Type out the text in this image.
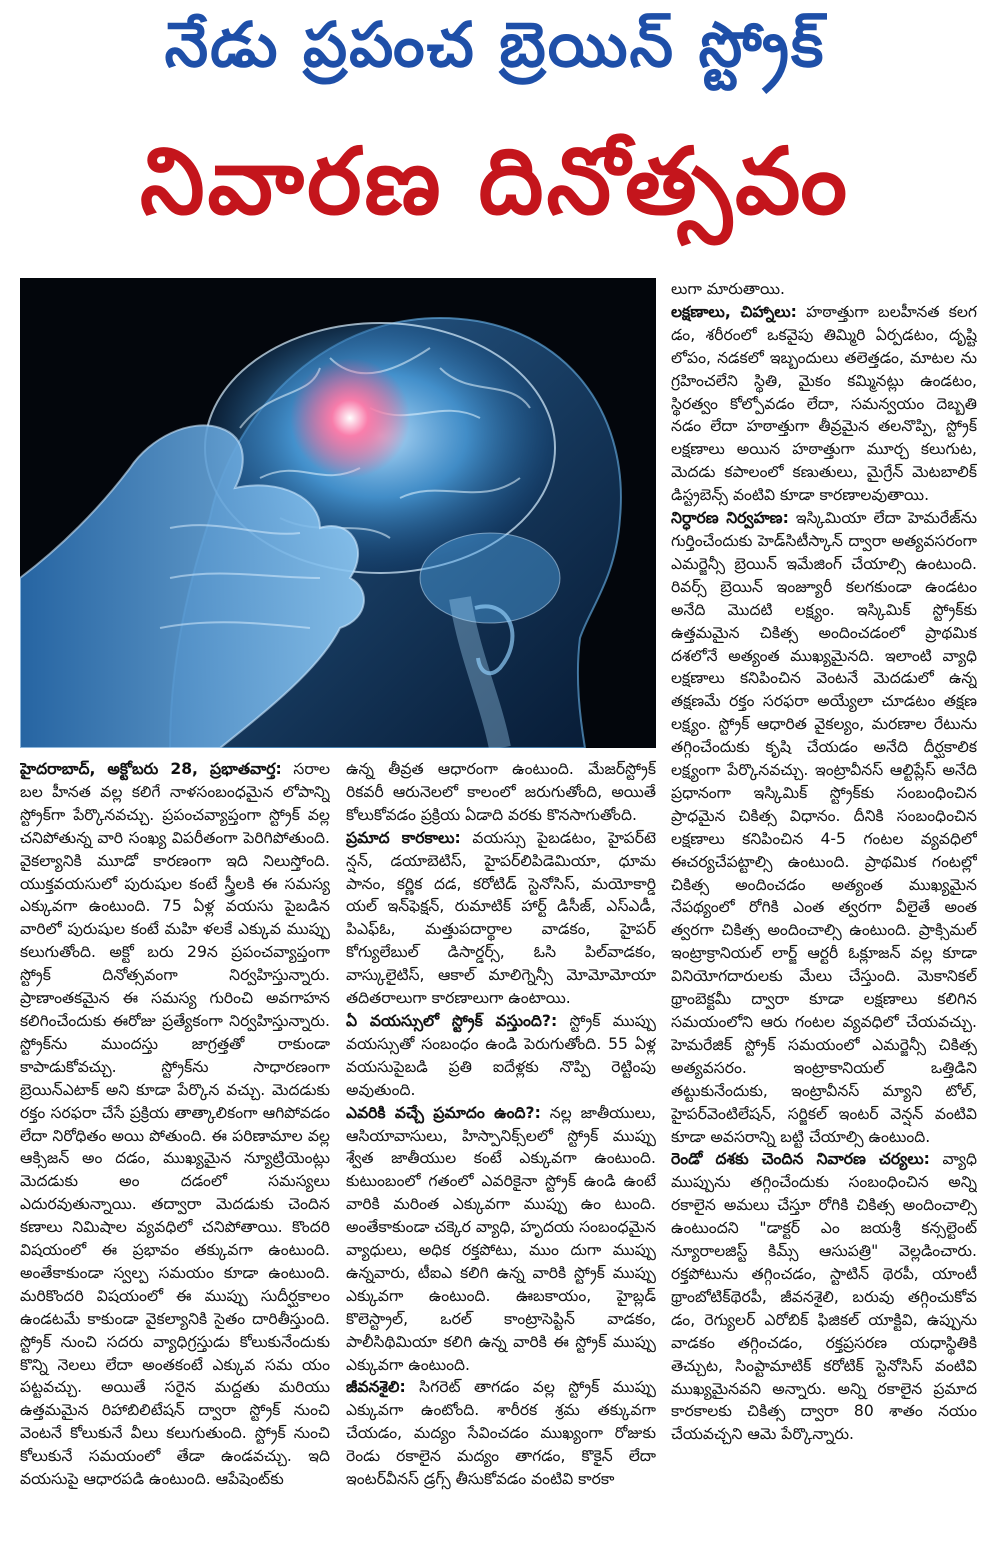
నేడు ప్రపంచ బ్రెయిన్ స్ట్రోక్
నివారణ దినోత్సవం

హైదరాబాద్, అక్టోబరు 28, ప్రభాతవార్త: సరాల బల హీనత వల్ల కలిగే నాళసంబంధమైన లోపాన్ని స్ట్రోక్‌గా పేర్కొనవచ్చు. ప్రపంచవ్యాప్తంగా స్ట్రోక్ వల్ల చనిపోతున్న వారి సంఖ్య విపరీతంగా పెరిగిపోతుంది. వైకల్యానికి మూడో కారణంగా ఇది నిలుస్తోంది. యుక్తవయసులో పురుషుల కంటే స్త్రీలకి ఈ సమస్య ఎక్కువగా ఉంటుంది. 75 ఏళ్ల వయసు పైబడిన వారిలో పురుషుల కంటే మహి ళలకే ఎక్కువ ముప్పు కలుగుతోంది. అక్టో బరు 29న ప్రపంచవ్యాప్తంగా స్ట్రోక్ దినోత్సవంగా నిర్వహిస్తున్నారు. ప్రాణాంతకమైన ఈ సమస్య గురించి అవగాహన కలిగించేందుకు ఈరోజు ప్రత్యేకంగా నిర్వహిస్తున్నారు. స్ట్రోక్‌ను ముందస్తు జాగ్రత్తతో రాకుండా కాపాడుకోవచ్చు. స్ట్రోక్‌ను సాధారణంగా బ్రెయిన్‌ఎటాక్ అని కూడా పేర్కొన వచ్చు. మెదడుకు రక్తం సరఫరా చేసే ప్రక్రియ తాత్కాలికంగా ఆగిపోవడం లేదా నిరోధితం అయి పోతుంది. ఈ పరిణామాల వల్ల ఆక్సిజన్ అం దడం, ముఖ్యమైన న్యూట్రియెంట్లు మెదడుకు అం దడంలో సమస్యలు ఎదురవుతున్నాయి. తద్వారా మెదడుకు చెందిన కణాలు నిమిషాల వ్యవధిలో చనిపోతాయి. కొందరి విషయంలో ఈ ప్రభావం తక్కువగా ఉంటుంది. అంతేకాకుండా స్వల్ప సమయం కూడా ఉంటుంది. మరికొందరి విషయంలో ఈ ముప్పు సుదీర్ఘకాలం ఉండటమే కాకుండా వైకల్యానికి సైతం దారితీస్తుంది. స్ట్రోక్ నుంచి సదరు వ్యాధిగ్రస్తుడు కోలుకునేందుకు కొన్ని నెలలు లేదా అంతకంటే ఎక్కువ సమ యం పట్టవచ్చు. అయితే సరైన మద్దతు మరియు ఉత్తమమైన రిహాబిలిటేషన్ ద్వారా స్ట్రోక్ నుంచి వెంటనే కోలుకునే వీలు కలుగుతుంది. స్ట్రోక్ నుంచి కోలుకునే సమయంలో తేడా ఉండవచ్చు. ఇది వయసుపై ఆధారపడి ఉంటుంది. ఆపేషెంట్‌కు

ఉన్న తీవ్రత ఆధారంగా ఉంటుంది. మేజర్‌స్ట్రోక్ రికవరీ ఆరునెలలో కాలంలో జరుగుతోంది, అయితే కోలుకోవడం ప్రక్రియ ఏడాది వరకు కొనసాగుతోంది.

ప్రమాద కారకాలు: వయస్సు పైబడటం, హైపర్‌టె న్షన్, డయాబెటిస్, హైపర్‌లిపిడెమియా, ధూమ పానం, కర్ణిక దడ, కరోటిడ్ స్టెనోసిస్, మయోకార్డి యల్ ఇన్‌ఫెక్షన్, రుమాటిక్ హార్ట్ డిసీజ్, ఎస్‌ఎడీ, పిఎఫ్‌ఓ, మత్తుపదార్థాల వాడకం, హైపర్ కోగ్యులేబుల్ డిసార్డర్స్, ఓసి పిల్‌వాడకం, వాస్కులైటిస్, ఆకాల్ మాలిగ్నెన్సీ మోమోమోయా తదితరాలుగా కారణాలుగా ఉంటాయి.

ఏ వయస్సులో స్ట్రోక్ వస్తుంది?: స్ట్రోక్ ముప్పు వయస్సుతో సంబంధం ఉండి పెరుగుతోంది. 55 ఏళ్ల వయసుపైబడి ప్రతి ఐదేళ్లకు నొప్పి రెట్టింపు అవుతుంది.

ఎవరికి వచ్చే ప్రమాదం ఉంది?: నల్ల జాతీయులు, ఆసియావాసులు, హిస్పానిక్స్‌లలో స్ట్రోక్ ముప్పు శ్వేత జాతీయుల కంటే ఎక్కువగా ఉంటుంది. కుటుంబంలో గతంలో ఎవరికైనా స్ట్రోక్ ఉండి ఉంటే వారికి మరింత ఎక్కువగా ముప్పు ఉం టుంది. అంతేకాకుండా చక్కెర వ్యాధి, హృదయ సంబంధమైన వ్యాధులు, అధిక రక్తపోటు, ముం దుగా ముప్పు ఉన్నవారు, టీఐఎ కలిగి ఉన్న వారికి స్ట్రోక్ ముప్పు ఎక్కువగా ఉంటుంది. ఊబకాయం, హైబ్లడ్ కొలెస్ట్రాల్, ఒరల్ కాంట్రాసెప్టిన్ వాడకం, పాలీసిథిమియా కలిగి ఉన్న వారికి ఈ స్ట్రోక్ ముప్పు ఎక్కువగా ఉంటుంది.

జీవనశైలి: సిగరెట్ తాగడం వల్ల స్ట్రోక్ ముప్పు ఎక్కువగా ఉంటోంది. శారీరక శ్రమ తక్కువగా చేయడం, మద్యం సేవించడం ముఖ్యంగా రోజుకు రెండు రకాలైన మద్యం తాగడం, కొకైన్ లేదా ఇంటర్‌వీనస్ డ్రగ్స్ తీసుకోవడం వంటివి కారకా

లుగా మారుతాయి.

లక్షణాలు, చిహ్నాలు: హఠాత్తుగా బలహీనత కలగ డం, శరీరంలో ఒకవైపు తిమ్మిరి ఏర్పడటం, దృష్టి లోపం, నడకలో ఇబ్బందులు తలెత్తడం, మాటల ను గ్రహించలేని స్థితి, మైకం కమ్మినట్లు ఉండటం, స్థిరత్వం కోల్పోవడం లేదా, సమన్వయం దెబ్బతి నడం లేదా హఠాత్తుగా తీవ్రమైన తలనొప్పి, స్ట్రోక్ లక్షణాలు అయిన హఠాత్తుగా మూర్చ కలుగుట, మెదడు కపాలంలో కణుతులు, మైగ్రేన్ మెటబాలిక్ డిస్ట్రబెన్స్ వంటివి కూడా కారణాలవుతాయి.

నిర్ధారణ నిర్వహణ: ఇస్కిమియా లేదా హెమరేజ్‌ను గుర్తించేందుకు హెడ్‌సిటీస్కాన్ ద్వారా అత్యవసరంగా ఎమర్జెన్సీ బ్రెయిన్ ఇమేజింగ్ చేయాల్సి ఉంటుంది. రివర్స్ బ్రెయిన్ ఇంజ్యూరీ కలగకుండా ఉండటం అనేది మొదటి లక్ష్యం. ఇస్కిమిక్ స్ట్రోక్‌కు ఉత్తమమైన చికిత్స అందించడంలో ప్రాథమిక దశలోనే అత్యంత ముఖ్యమైనది. ఇలాంటి వ్యాధి లక్షణాలు కనిపించిన వెంటనే మెదడులో ఉన్న తక్షణమే రక్తం సరఫరా అయ్యేలా చూడటం తక్షణ లక్ష్యం. స్ట్రోక్ ఆధారిత వైకల్యం, మరణాల రేటును తగ్గించేందుకు కృషి చేయడం అనేది దీర్ఘకాలిక లక్ష్యంగా పేర్కొనవచ్చు. ఇంట్రావీనస్ ఆల్టిప్లేస్ అనేది ప్రధానంగా ఇస్కిమిక్ స్ట్రోక్‌కు సంబంధించిన ప్రాధమైన చికిత్స విధానం. దీనికి సంబంధించిన లక్షణాలు కనిపించిన 4-5 గంటల వ్యవధిలో ఈచర్యచేపట్టాల్సి ఉంటుంది. ప్రాథమిక గంటల్లో చికిత్స అందించడం అత్యంత ముఖ్యమైన నేపథ్యంలో రోగికి ఎంత త్వరగా వీలైతే అంత త్వరగా చికిత్స అందించాల్సి ఉంటుంది. ప్రాక్సిమల్ ఇంట్రాక్రానియల్ లార్జ్ ఆర్టరీ ఓక్లూజన్ వల్ల కూడా వినియోగదారులకు మేలు చేస్తుంది. మెకానికల్ థ్రాంబెక్టమీ ద్వారా కూడా లక్షణాలు కలిగిన సమయంలోని ఆరు గంటల వ్యవధిలో చేయవచ్చు. హెమరేజిక్ స్ట్రోక్ సమయంలో ఎమర్జెన్సీ చికిత్స అత్యవసరం. ఇంట్రాకానియల్ ఒత్తిడిని తట్టుకునేందుకు, ఇంట్రావీనస్ మ్యాని టోల్, హైపర్‌వెంటిలేషన్, సర్జికల్ ఇంటర్ వెన్షన్ వంటివి కూడా అవసరాన్ని బట్టి చేయాల్సి ఉంటుంది.

రెండో దశకు చెందిన నివారణ చర్యలు: వ్యాధి ముప్పును తగ్గించేందుకు సంబంధించిన అన్ని రకాలైన అమలు చేస్తూ రోగికి చికిత్స అందించాల్సి ఉంటుందని "డాక్టర్ ఎం జయశ్రీ కన్సల్టెంట్ న్యూరాలజిస్ట్ కిమ్స్ ఆసుపత్రి" వెల్లడించారు. రక్తపోటును తగ్గించడం, స్టాటిన్ థెరపీ, యాంటీ థ్రాంబోటిక్‌థెరపీ, జీవనశైలి, బరువు తగ్గించుకోవ డం, రెగ్యులర్ ఎరోబిక్ ఫిజికల్ యాక్టివి, ఉప్పును వాడకం తగ్గించడం, రక్తప్రసరణ యధాస్థితికి తెచ్చుట, సింప్టామాటిక్ కరోటిక్ స్టెనోసిస్ వంటివి ముఖ్యమైనవని అన్నారు. అన్ని రకాలైన ప్రమాద కారకాలకు చికిత్స ద్వారా 80 శాతం నయం చేయవచ్చని ఆమె పేర్కొన్నారు.
